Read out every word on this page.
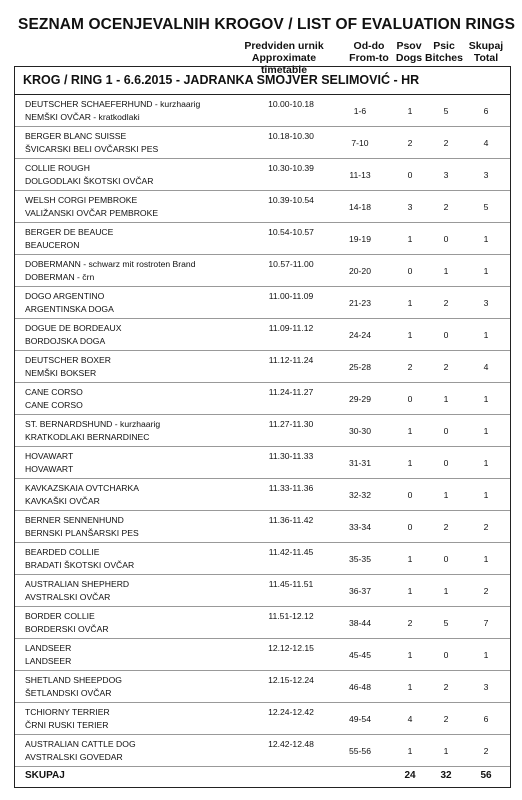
SEZNAM OCENJEVALNIH KROGOV / LIST OF EVALUATION RINGS
Predviden urnik
Approximate timetable
Od-do
From-to
Psov
Dogs
Psic
Bitches
Skupaj
Total
KROG / RING 1 - 6.6.2015 - JADRANKA SMOJVER SELIMOVIĆ - HR
DEUTSCHER SCHAEFERHUND - kurzhaarig
NEMŠKI OVČAR - kratkodlaki
10.00-10.18
1-6	1	5	6
BERGER BLANC SUISSE
ŠVICARSKI BELI OVČARSKI PES
10.18-10.30
7-10	2	2	4
COLLIE ROUGH
DOLGODLAKI ŠKOTSKI OVČAR
10.30-10.39
11-13	0	3	3
WELSH CORGI PEMBROKE
VALIŽANSKI OVČAR PEMBROKE
10.39-10.54
14-18	3	2	5
BERGER DE BEAUCE
BEAUCERON
10.54-10.57
19-19	1	0	1
DOBERMANN - schwarz mit rostroten Brand
DOBERMAN - črn
10.57-11.00
20-20	0	1	1
DOGO ARGENTINO
ARGENTINSKA DOGA
11.00-11.09
21-23	1	2	3
DOGUE DE BORDEAUX
BORDOJSKA DOGA
11.09-11.12
24-24	1	0	1
DEUTSCHER BOXER
NEMŠKI BOKSER
11.12-11.24
25-28	2	2	4
CANE CORSO
CANE CORSO
11.24-11.27
29-29	0	1	1
ST. BERNARDSHUND - kurzhaarig
KRATKODLAKI BERNARDINEC
11.27-11.30
30-30	1	0	1
HOVAWART
HOVAWART
11.30-11.33
31-31	1	0	1
KAVKAZSKAIA OVTCHARKA
KAVKAŠKI OVČAR
11.33-11.36
32-32	0	1	1
BERNER SENNENHUND
BERNSKI PLANŠARSKI PES
11.36-11.42
33-34	0	2	2
BEARDED COLLIE
BRADATI ŠKOTSKI OVČAR
11.42-11.45
35-35	1	0	1
AUSTRALIAN SHEPHERD
AVSTRALSKI OVČAR
11.45-11.51
36-37	1	1	2
BORDER COLLIE
BORDERSKI OVČAR
11.51-12.12
38-44	2	5	7
LANDSEER
LANDSEER
12.12-12.15
45-45	1	0	1
SHETLAND SHEEPDOG
ŠETLANDSKI OVČAR
12.15-12.24
46-48	1	2	3
TCHIORNY TERRIER
ČRNI RUSKI TERIER
12.24-12.42
49-54	4	2	6
AUSTRALIAN CATTLE DOG
AVSTRALSKI GOVEDAR
12.42-12.48
55-56	1	1	2
SKUPAJ	24	32	56
